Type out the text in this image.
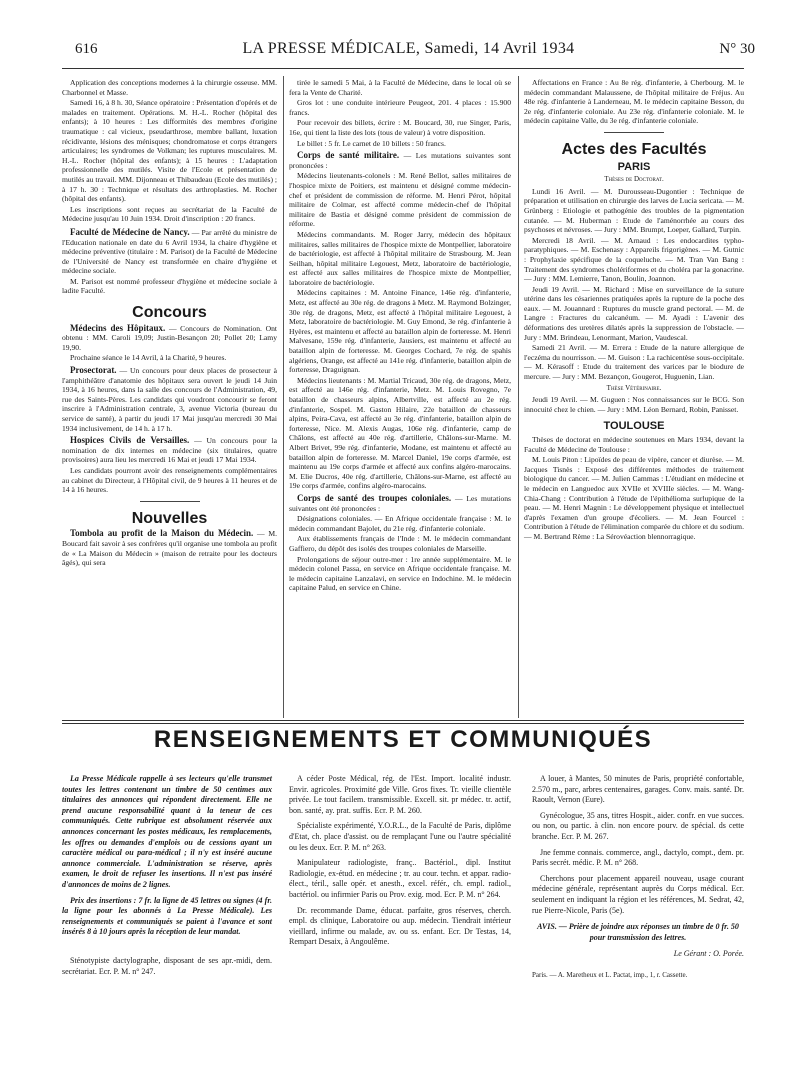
616	LA PRESSE MÉDICALE, Samedi, 14 Avril 1934	N° 30

Application des conceptions modernes à la chirurgie osseuse. MM. Charbonnel et Masse.

Samedi 16, à 8 h. 30, Séance opératoire : Présentation d'opérés et de malades en traitement. Opérations. M. H.-L. Rocher (hôpital des enfants); à 10 heures : Les difformités des membres d'origine traumatique : cal vicieux, pseudarthrose, membre ballant, luxation récidivante, lésions des ménisques; chondromatose et corps étrangers articulaires; les syndromes de Volkman; les ruptures musculaires. M. H.-L. Rocher (hôpital des enfants); à 15 heures : L'adaptation professionnelle des mutilés. Visite de l'Ecole et présentation de mutilés au travail. MM. Dijonneau et Thibaudeau (Ecole des mutilés) ; à 17 h. 30 : Technique et résultats des arthroplasties. M. Rocher (hôpital des enfants).

Les inscriptions sont reçues au secrétariat de la Faculté de Médecine jusqu'au 10 Juin 1934. Droit d'inscription : 20 francs.

Faculté de Médecine de Nancy. — Par arrêté du ministre de l'Education nationale en date du 6 Avril 1934, la chaire d'hygiène et médecine préventive (titulaire : M. Parisot) de la Faculté de Médecine de l'Université de Nancy est transformée en chaire d'hygiène et médecine sociale.

M. Parisot est nommé professeur d'hygiène et médecine sociale à ladite Faculté.

Concours

Médecins des Hôpitaux. — Concours de Nomination. Ont obtenu : MM. Caroli 19,09; Justin-Besançon 20; Pollet 20; Lamy 19,90.

Prochaine séance le 14 Avril, à la Charité, 9 heures.

Prosectorat. — Un concours pour deux places de prosecteur à l'amphithéâtre d'anatomie des hôpitaux sera ouvert le jeudi 14 Juin 1934, à 16 heures, dans la salle des concours de l'Administration, 49, rue des Saints-Pères. Les candidats qui voudront concourir se feront inscrire à l'Administration centrale, 3, avenue Victoria (bureau du service de santé), à partir du jeudi 17 Mai jusqu'au mercredi 30 Mai 1934 inclusivement, de 14 h. à 17 h.

Hospices Civils de Versailles. — Un concours pour la nomination de dix internes en médecine (six titulaires, quatre provisoires) aura lieu les mercredi 16 Mai et jeudi 17 Mai 1934.

Les candidats pourront avoir des renseignements complémentaires au cabinet du Directeur, à l'Hôpital civil, de 9 heures à 11 heures et de 14 à 16 heures.

Nouvelles

Tombola au profit de la Maison du Médecin. — M. Boucard fait savoir à ses confrères qu'il organise une tombola au profit de « La Maison du Médecin » (maison de retraite pour les docteurs âgés), qui sera

tirée le samedi 5 Mai, à la Faculté de Médecine, dans le local où se fera la Vente de Charité.

Gros lot : une conduite intérieure Peugeot, 201. 4 places : 15.900 francs.

Pour recevoir des billets, écrire : M. Boucard, 30, rue Singer, Paris, 16e, qui tient la liste des lots (tous de valeur) à votre disposition.

Le billet : 5 fr. Le carnet de 10 billets : 50 francs.

Corps de santé militaire. — Les mutations suivantes sont prononcées :

Médecins lieutenants-colonels : M. René Bellot, salles militaires de l'hospice mixte de Poitiers, est maintenu et désigné comme médecin-chef et président de commission de réforme. M. Henri Pérot, hôpital militaire de Colmar, est affecté comme médecin-chef de l'hôpital militaire de Bastia et désigné comme président de commission de réforme.

Médecins commandants. M. Roger Jarry, médecin des hôpitaux militaires, salles militaires de l'hospice mixte de Montpellier, laboratoire de bactériologie, est affecté à l'hôpital militaire de Strasbourg. M. Jean Seilhan, hôpital militaire Legouest, Metz, laboratoire de bactériologie, est affecté aux salles militaires de l'hospice mixte de Montpellier, laboratoire de bactériologie.

Médecins capitaines : M. Antoine Finance, 146e rég. d'infanterie, Metz, est affecté au 30e rég. de dragons à Metz. M. Raymond Bolzinger, 30e rég. de dragons, Metz, est affecté à l'hôpital militaire Legouest, à Metz, laboratoire de bactériologie. M. Guy Emond, 3e rég. d'infanterie à Hyères, est maintenu et affecté au bataillon alpin de forteresse. M. Henri Malvesane, 159e rég. d'infanterie, Jausiers, est maintenu et affecté au bataillon alpin de forteresse. M. Georges Cochard, 7e rég. de spahis algériens, Orange, est affecté au 141e rég. d'infanterie, bataillon alpin de forteresse, Draguignan.

Médecins lieutenants : M. Martial Tricaud, 30e rég. de dragons, Metz, est affecté au 146e rég. d'infanterie, Metz. M. Louis Rovegno, 7e bataillon de chasseurs alpins, Albertville, est affecté au 2e rég. d'infanterie, Sospel. M. Gaston Hilaire, 22e bataillon de chasseurs alpins, Peira-Cava, est affecté au 3e rég. d'infanterie, bataillon alpin de forteresse, Nice. M. Alexis Augas, 106e rég. d'infanterie, camp de Châlons, est affecté au 40e rég. d'artillerie, Châlons-sur-Marne. M. Albert Brivet, 99e rég. d'infanterie, Modane, est maintenu et affecté au bataillon alpin de forteresse. M. Marcel Daniel, 19e corps d'armée, est maintenu au 19e corps d'armée et affecté aux confins algéro-marocains. M. Elie Ducros, 40e rég. d'artillerie, Châlons-sur-Marne, est affecté au 19e corps d'armée, confins algéro-marocains.

Corps de santé des troupes coloniales. — Les mutations suivantes ont été prononcées :

Désignations coloniales. — En Afrique occidentale française : M. le médecin commandant Bajolet, du 21e rég. d'infanterie coloniale.

Aux établissements français de l'Inde : M. le médecin commandant Gaffiero, du dépôt des isolés des troupes coloniales de Marseille.

Prolongations de séjour outre-mer : 1re année supplémentaire. M. le médecin colonel Passa, en service en Afrique occidentale française. M. le médecin capitaine Lanzalavi, en service en Indochine. M. le médecin capitaine Palud, en service en Chine.

Affectations en France : Au 8e rég. d'infanterie, à Cherbourg. M. le médecin commandant Malaussene, de l'hôpital militaire de Fréjus. Au 48e rég. d'infanterie à Landerneau, M. le médecin capitaine Besson, du 2e rég. d'infanterie coloniale. Au 23e rég. d'infanterie coloniale. M. le médecin capitaine Valle, du 3e rég. d'infanterie coloniale.

Actes des Facultés
PARIS
Thèses de Doctorat.

Lundi 16 Avril. — M. Durousseau-Dugontier : Technique de préparation et utilisation en chirurgie des larves de Lucia sericata. — M. Grünberg : Etiologie et pathogénie des troubles de la pigmentation cutanée. — M. Huberman : Etude de l'aménorrhée au cours des psychoses et névroses. — Jury : MM. Brumpt, Loeper, Gallard, Turpin.

Mercredi 18 Avril. — M. Arnaud : Les endocardites typho-paratyphiques. — M. Eschenasy : Appareils frigorigènes. — M. Gutnic : Prophylaxie spécifique de la coqueluche. — M. Tran Van Bang : Traitement des syndromes cholériformes et du choléra par la gonacrine. — Jury : MM. Lemierre, Tanon, Boulin, Joannon.

Jeudi 19 Avril. — M. Richard : Mise en surveillance de la suture utérine dans les césariennes pratiquées après la rupture de la poche des eaux. — M. Jouannard : Ruptures du muscle grand pectoral. — M. de Langre : Fractures du calcanéum. — M. Ayadi : L'avenir des déformations des uretères dilatés après la suppression de l'obstacle. — Jury : MM. Brindeau, Lenormant, Marion, Vaudescal.

Samedi 21 Avril. — M. Errera : Etude de la nature allergique de l'eczéma du nourrisson. — M. Guison : La rachicentèse sous-occipitale. — M. Kérasoff : Etude du traitement des varices par le biodure de mercure. — Jury : MM. Bezançon, Gougerot, Huguenin, Lian.

Thèse Vétérinaire.

Jeudi 19 Avril. — M. Guguen : Nos connaissances sur le BCG. Son innocuité chez le chien. — Jury : MM. Léon Bernard, Robin, Panisset.

TOULOUSE

Thèses de doctorat en médecine soutenues en Mars 1934, devant la Faculté de Médecine de Toulouse :

M. Louis Piton : Lipoïdes de peau de vipère, cancer et diurèse. — M. Jacques Tisnès : Exposé des différentes méthodes de traitement biologique du cancer. — M. Julien Cammas : L'étudiant en médecine et le médecin en Languedoc aux XVIIe et XVIIIe siècles. — M. Wang-Chia-Chang : Contribution à l'étude de l'épithélioma surlupique de la peau. — M. Henri Magnin : Le développement physique et intellectuel d'après l'examen d'un groupe d'écoliers. — M. Jean Fourcel : Contribution à l'étude de l'élimination comparée du chlore et du sodium. — M. Bertrand Rème : La Sérovéaction blennorragique.

RENSEIGNEMENTS ET COMMUNIQUÉS

La Presse Médicale rappelle à ses lecteurs qu'elle transmet toutes les lettres contenant un timbre de 50 centimes aux titulaires des annonces qui répondent directement. Elle ne prend aucune responsabilité quant à la teneur de ces communiqués. Cette rubrique est absolument réservée aux annonces concernant les postes médicaux, les remplacements, les offres ou demandes d'emplois ou de cessions ayant un caractère médical ou para-médical ; il n'y est inséré aucune annonce commerciale. L'administration se réserve, après examen, le droit de refuser les insertions. Il n'est pas inséré d'annonces de moins de 2 lignes.

Prix des insertions : 7 fr. la ligne de 45 lettres ou signes (4 fr. la ligne pour les abonnés à La Presse Médicale). Les renseignements et communiqués se paient à l'avance et sont insérés 8 à 10 jours après la réception de leur mandat.

Sténotypiste dactylographe, disposant de ses apr.-midi, dem. secrétariat. Ecr. P. M. n° 247.

A céder Poste Médical, rég. de l'Est. Import. localité industr. Envir. agricoles. Proximité gde Ville. Gros fixes. Tr. vieille clientèle privée. Le tout facilem. transmissible. Excell. sit. pr médec. tr. actif, bon. santé, ay. prat. suffis. Ecr. P. M. 260.

Spécialiste expérimenté, Y.O.R.L., de la Faculté de Paris, diplôme d'Etat, ch. place d'assist. ou de remplaçant l'une ou l'autre spécialité ou les deux. Ecr. P. M. n° 263.

Manipulateur radiologiste, franç.. Bactériol., dipl. Institut Radiologie, ex-étud. en médecine ; tr. au cour. techn. et appar. radio-élect., téril., salle opér. et anesth., excel. référ., ch. empl. radiol., bactériol. ou infirmier Paris ou Prov. exig. mod. Ecr. P. M. n° 264.

Dr. recommande Dame, éducat. parfaite, gros réserves, cherch. empl. ds clinique, Laboratoire ou aup. médecin. Tiendrait intérieur vieillard, infirme ou malade, av. ou ss. enfant. Ecr. Dr Testas, 14, Rempart Desaix, à Angoulême.

A louer, à Mantes, 50 minutes de Paris, propriété confortable, 2.570 m., parc, arbres centenaires, garages. Conv. mais. santé. Dr. Raoult, Vernon (Eure).

Gynécologue, 35 ans, titres Hospit., aider. confr. en vue succes. ou non, ou partic. à clin. non encore pourv. de spécial. ds cette branche. Ecr. P. M. 267.

Jne femme connais. commerce, angl., dactylo, compt., dem. pr. Paris secrét. médic. P. M. n° 268.

Cherchons pour placement appareil nouveau, usage courant médecine générale, représentant auprès du Corps médical. Ecr. seulement en indiquant la région et les références, M. Sedrat, 42, rue Pierre-Nicole, Paris (5e).

AVIS. — Prière de joindre aux réponses un timbre de 0 fr. 50 pour transmission des lettres.
Le Gérant : O. Porée.
Paris. — A. Maretheux et L. Pactat, imp., 1, r. Cassette.
